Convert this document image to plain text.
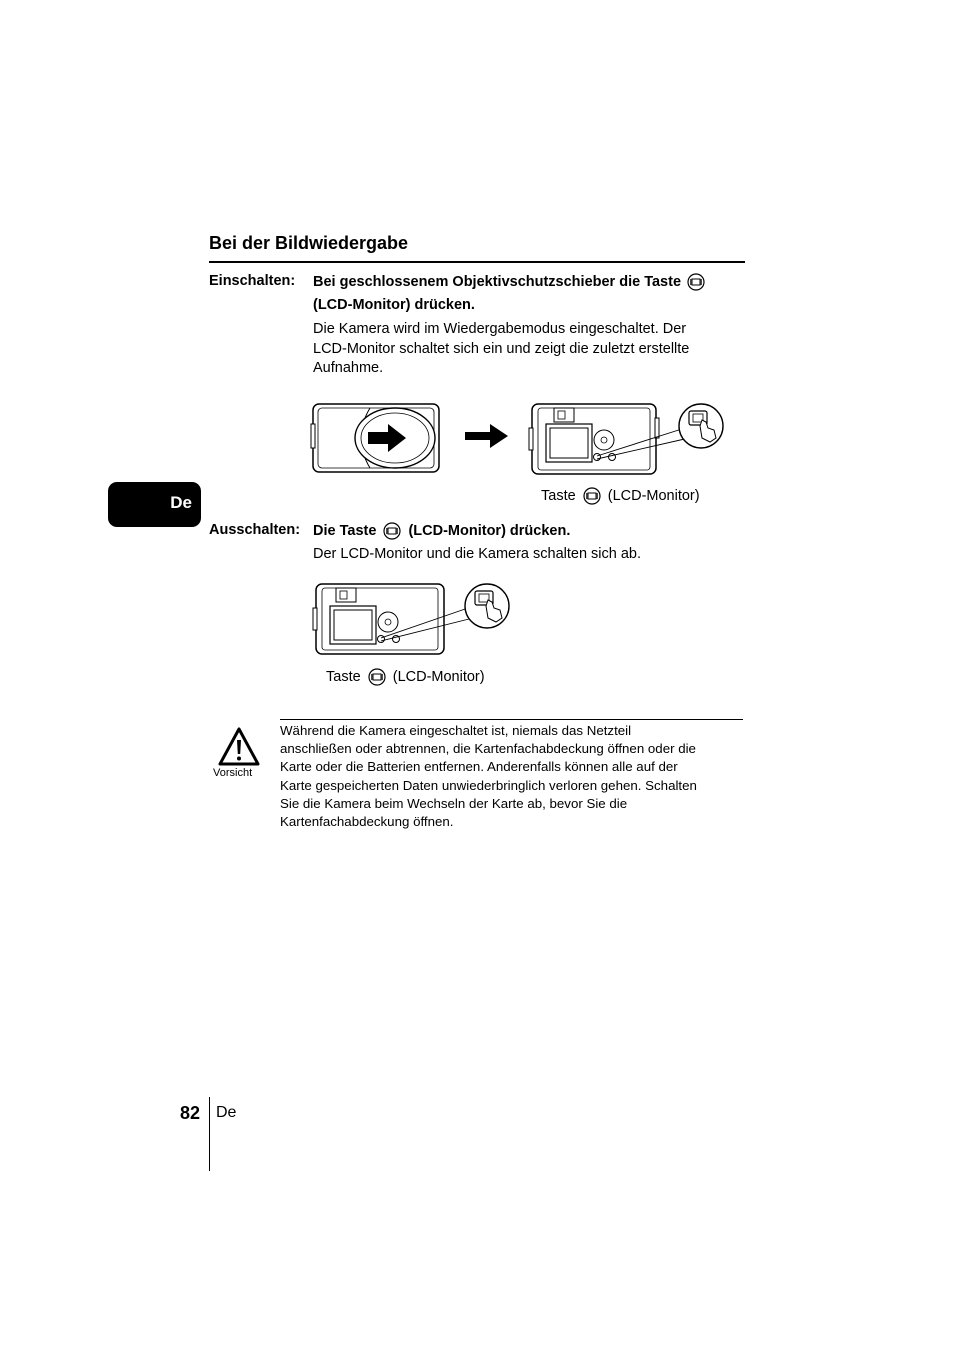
Bei der Bildwiedergabe
Einschalten: Bei geschlossenem Objektivschutzschieber die Taste
(LCD-Monitor) drücken.
Die Kamera wird im Wiedergabemodus eingeschaltet. Der
LCD-Monitor schaltet sich ein und zeigt die zuletzt erstellte
Aufnahme.
Taste (LCD-Monitor)
De
Ausschalten: Die Taste (LCD-Monitor) drücken.
Der LCD-Monitor und die Kamera schalten sich ab.
Taste (LCD-Monitor)
Vorsicht
Während die Kamera eingeschaltet ist, niemals das Netzteil
anschließen oder abtrennen, die Kartenfachabdeckung öffnen oder die
Karte oder die Batterien entfernen. Anderenfalls können alle auf der
Karte gespeicherten Daten unwiederbringlich verloren gehen. Schalten
Sie die Kamera beim Wechseln der Karte ab, bevor Sie die
Kartenfachabdeckung öffnen.
82 De
